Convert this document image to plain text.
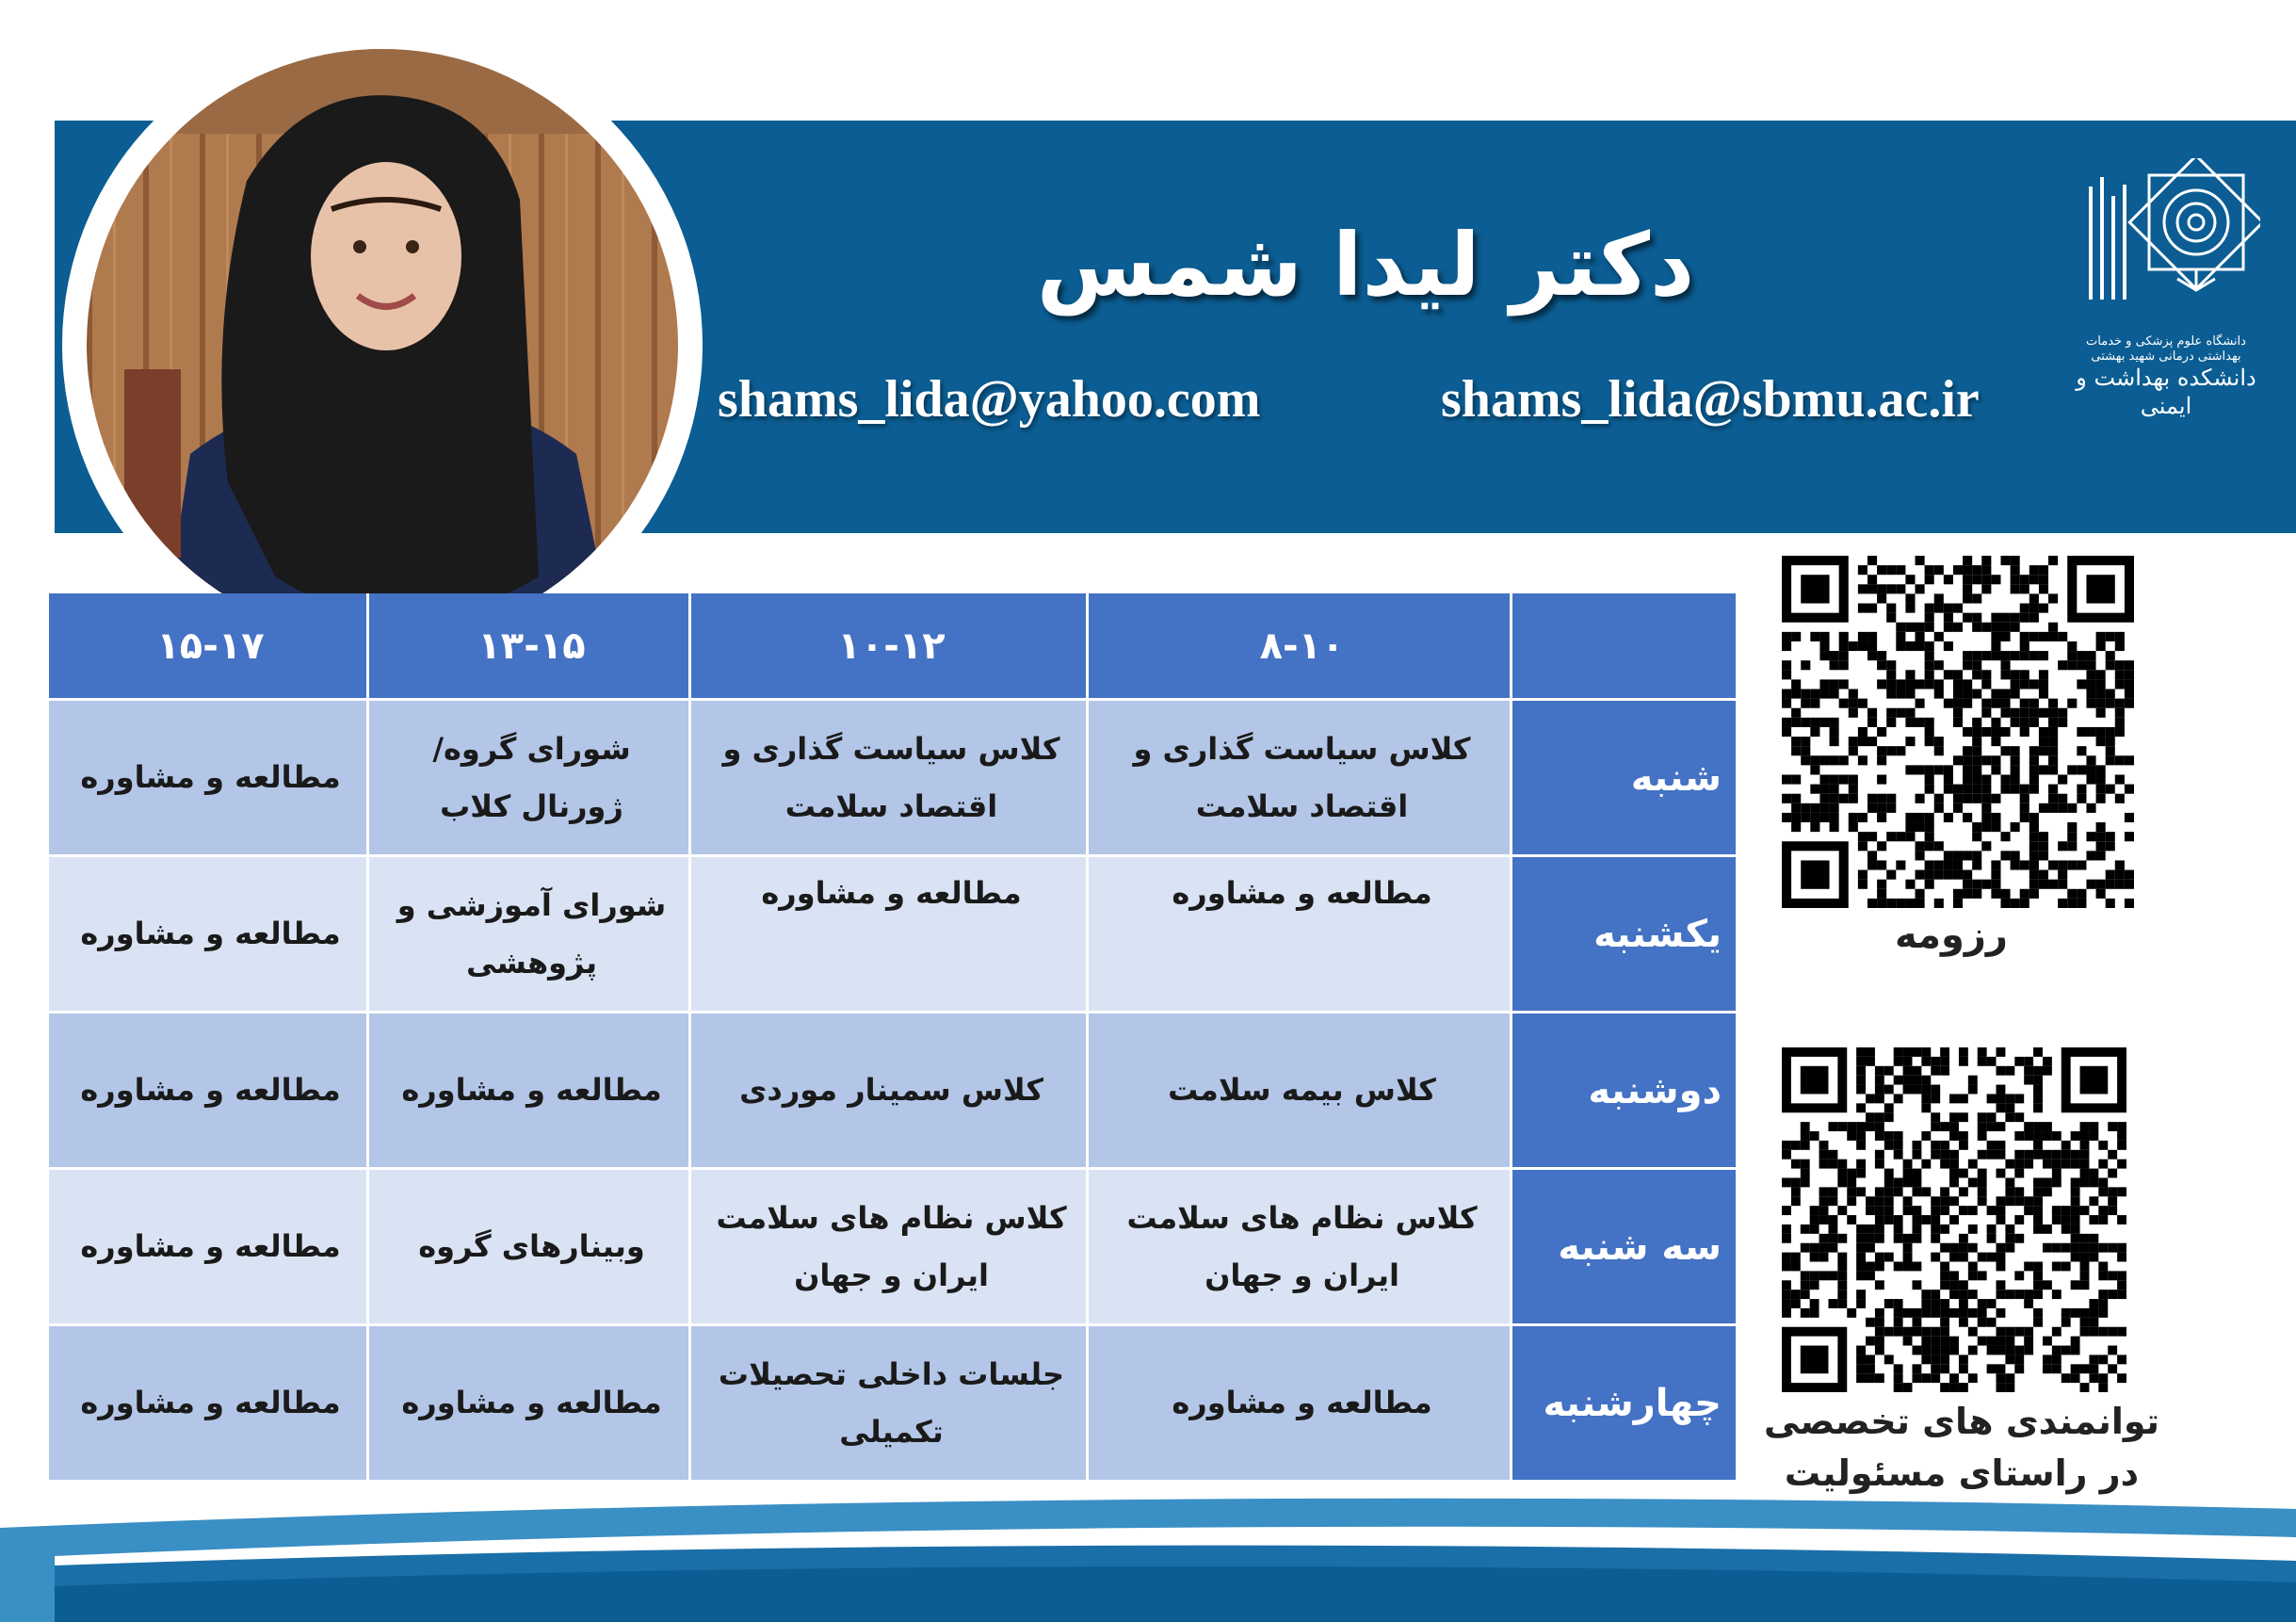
دکتر لیدا شمس
shams_lida@yahoo.com	shams_lida@sbmu.ac.ir
دانشگاه علوم پزشکی و خدمات بهداشتی درمانی شهید بهشتی
دانشکده بهداشت و ایمنی
۱۵-۱۷	۱۳-۱۵	۱۰-۱۲	۸-۱۰	
مطالعه و مشاوره	شورای گروه/ ژورنال کلاب	کلاس سیاست گذاری و اقتصاد سلامت	کلاس سیاست گذاری و اقتصاد سلامت	شنبه
مطالعه و مشاوره	شورای آموزشی و پژوهشی	مطالعه و مشاوره	مطالعه و مشاوره	یکشنبه
مطالعه و مشاوره	مطالعه و مشاوره	کلاس سمینار موردی	کلاس بیمه سلامت	دوشنبه
مطالعه و مشاوره	وبینارهای گروه	کلاس نظام های سلامت ایران و جهان	کلاس نظام های سلامت ایران و جهان	سه شنبه
مطالعه و مشاوره	مطالعه و مشاوره	جلسات داخلی تحصیلات تکمیلی	مطالعه و مشاوره	چهارشنبه
رزومه
توانمندی های تخصصی در راستای مسئولیت
